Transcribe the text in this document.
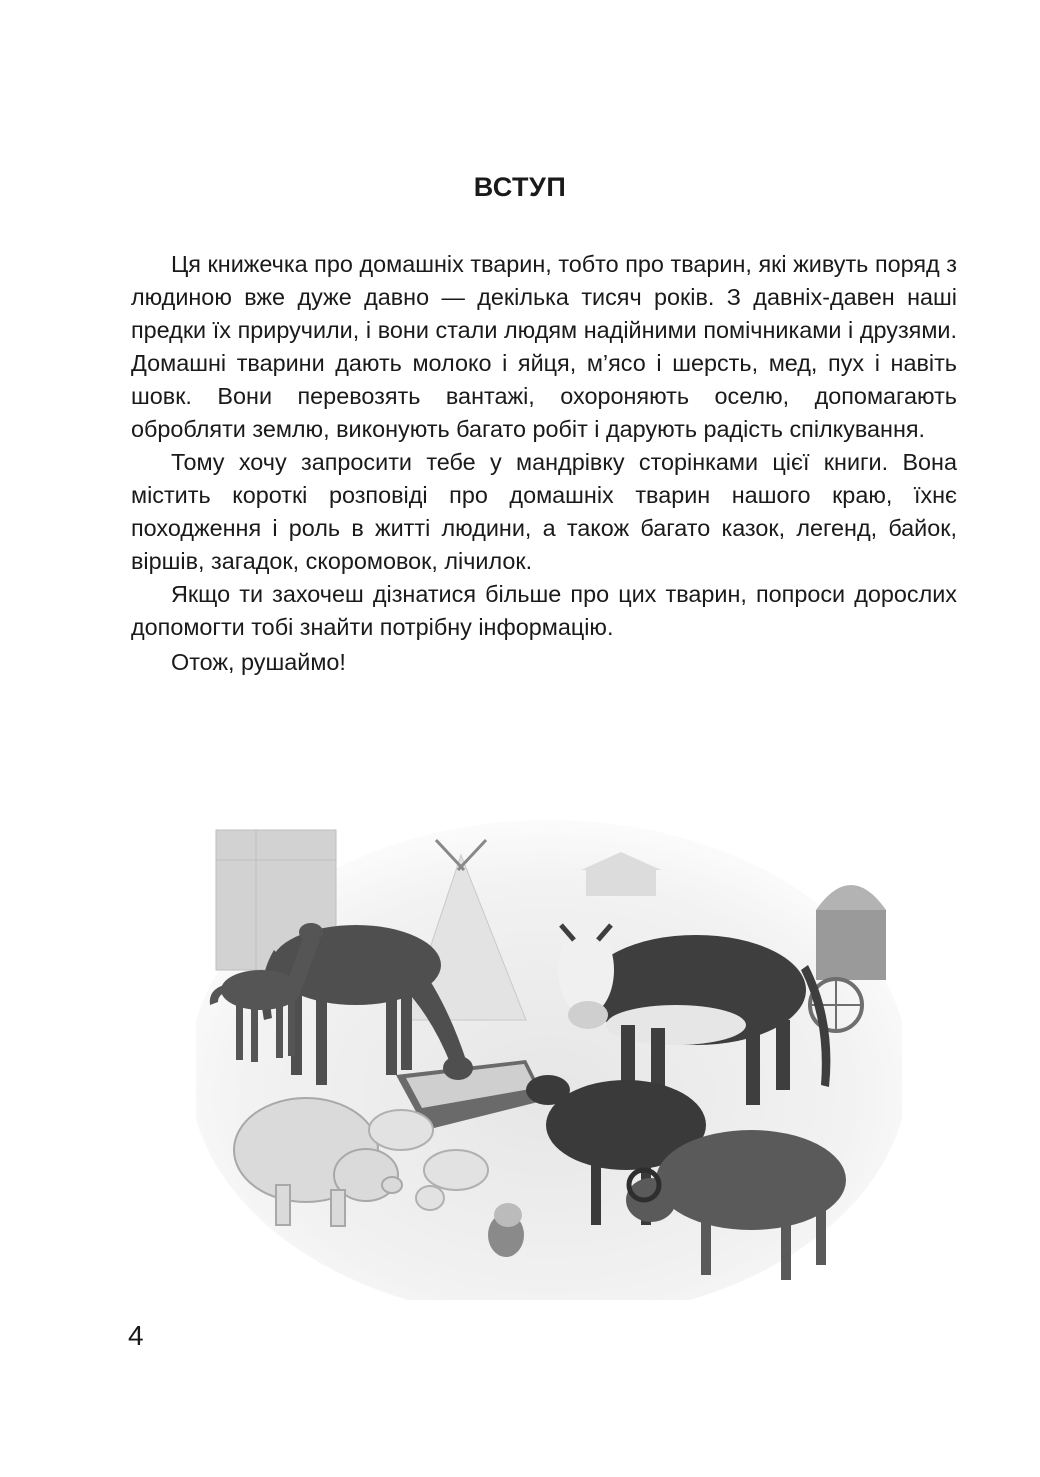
ВСТУП

Ця книжечка про домашніх тварин, тобто про тварин, які живуть поряд з людиною вже дуже давно — декілька тисяч років. З давніх-давен наші предки їх приручили, і вони стали людям надійними помічниками і друзями. Домашні тварини дають молоко і яйця, м’ясо і шерсть, мед, пух і навіть шовк. Вони перевозять вантажі, охороняють оселю, допомагають обробляти землю, виконують багато робіт і дарують радість спілкування.

Тому хочу запросити тебе у мандрівку сторінками цієї книги. Вона містить короткі розповіді про домашніх тварин нашого краю, їхнє походження і роль в житті людини, а також багато казок, легенд, байок, віршів, загадок, скоромовок, лічилок.

Якщо ти захочеш дізнатися більше про цих тварин, попроси дорослих допомогти тобі знайти потрібну інформацію.

Отож, рушаймо!

4
